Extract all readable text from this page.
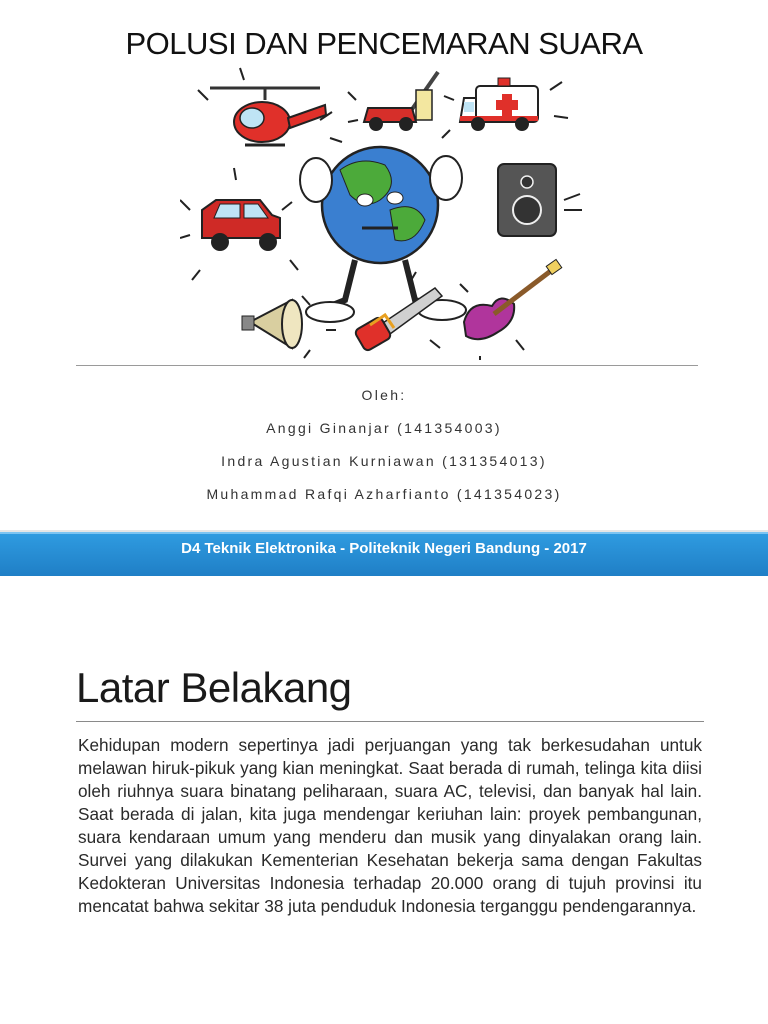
POLUSI DAN PENCEMARAN SUARA
Oleh:
Anggi Ginanjar (141354003)
Indra Agustian Kurniawan (131354013)
Muhammad Rafqi Azharfianto (141354023)
D4 Teknik Elektronika - Politeknik Negeri Bandung - 2017
Latar Belakang
Kehidupan modern sepertinya jadi perjuangan yang tak berkesudahan untuk melawan hiruk-pikuk yang kian meningkat. Saat berada di rumah, telinga kita diisi oleh riuhnya suara binatang peliharaan, suara AC, televisi, dan banyak hal lain. Saat berada di jalan, kita juga mendengar keriuhan lain: proyek pembangunan, suara kendaraan umum yang menderu dan musik yang dinyalakan orang lain. Survei yang dilakukan Kementerian Kesehatan bekerja sama dengan Fakultas Kedokteran Universitas Indonesia terhadap 20.000 orang di tujuh provinsi itu mencatat bahwa sekitar 38 juta penduduk Indonesia terganggu pendengarannya.
